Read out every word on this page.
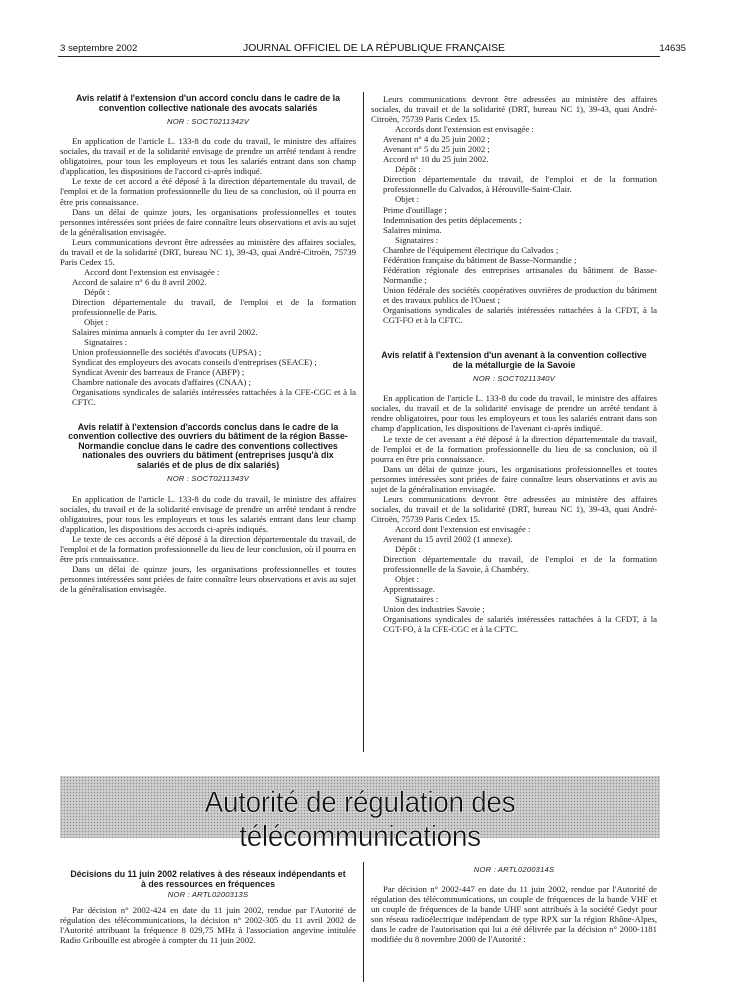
3 septembre 2002	JOURNAL OFFICIEL DE LA RÉPUBLIQUE FRANÇAISE	14635
Avis relatif à l'extension d'un accord conclu dans le cadre de la convention collective nationale des avocats salariés
NOR : SOCT0211342V

En application de l'article L. 133-8 du code du travail, le ministre des affaires sociales, du travail et de la solidarité envisage de prendre un arrêté tendant à rendre obligatoires, pour tous les employeurs et tous les salariés entrant dans son champ d'application, les dispositions de l'accord ci-après indiqué.

Le texte de cet accord a été déposé à la direction départementale du travail, de l'emploi et de la formation professionnelle du lieu de sa conclusion, où il pourra en être pris connaissance.

Dans un délai de quinze jours, les organisations professionnelles et toutes personnes intéressées sont priées de faire connaître leurs observations et avis au sujet de la généralisation envisagée.

Leurs communications devront être adressées au ministère des affaires sociales, du travail et de la solidarité (DRT, bureau NC 1), 39-43, quai André-Citroën, 75739 Paris Cedex 15.

Accord dont l'extension est envisagée :

Accord de salaire n° 6 du 8 avril 2002.

Dépôt :

Direction départementale du travail, de l'emploi et de la formation professionnelle de Paris.

Objet :

Salaires minima annuels à compter du 1er avril 2002.

Signataires :

Union professionnelle des sociétés d'avocats (UPSA) ;

Syndicat des employeurs des avocats conseils d'entreprises (SEACE) ;

Syndicat Avenir des barreaux de France (ABFP) ;

Chambre nationale des avocats d'affaires (CNAA) ;

Organisations syndicales de salariés intéressées rattachées à la CFE-CGC et à la CFTC.

Avis relatif à l'extension d'accords conclus dans le cadre de la convention collective des ouvriers du bâtiment de la région Basse-Normandie conclue dans le cadre des conventions collectives nationales des ouvriers du bâtiment (entreprises jusqu'à dix salariés et de plus de dix salariés)
NOR : SOCT0211343V

En application de l'article L. 133-8 du code du travail, le ministre des affaires sociales, du travail et de la solidarité envisage de prendre un arrêté tendant à rendre obligatoires, pour tous les employeurs et tous les salariés entrant dans leur champ d'application, les dispositions des accords ci-après indiqués.

Le texte de ces accords a été déposé à la direction départementale du travail, de l'emploi et de la formation professionnelle du lieu de leur conclusion, où il pourra en être pris connaissance.

Dans un délai de quinze jours, les organisations professionnelles et toutes personnes intéressées sont priées de faire connaître leurs observations et avis au sujet de la généralisation envisagée.

Leurs communications devront être adressées au ministère des affaires sociales, du travail et de la solidarité (DRT, bureau NC 1), 39-43, quai André-Citroën, 75739 Paris Cedex 15.

Accords dont l'extension est envisagée :

Avenant n° 4 du 25 juin 2002 ;

Avenant n° 5 du 25 juin 2002 ;

Accord n° 10 du 25 juin 2002.

Dépôt :

Direction départementale du travail, de l'emploi et de la formation professionnelle du Calvados, à Hérouville-Saint-Clair.

Objet :

Prime d'outillage ;

Indemnisation des petits déplacements ;

Salaires minima.

Signataires :

Chambre de l'équipement électrique du Calvados ;

Fédération française du bâtiment de Basse-Normandie ;

Fédération régionale des entreprises artisanales du bâtiment de Basse-Normandie ;

Union fédérale des sociétés coopératives ouvrières de production du bâtiment et des travaux publics de l'Ouest ;

Organisations syndicales de salariés intéressées rattachées à la CFDT, à la CGT-FO et à la CFTC.

Avis relatif à l'extension d'un avenant à la convention collective de la métallurgie de la Savoie
NOR : SOCT0211340V

En application de l'article L. 133-8 du code du travail, le ministre des affaires sociales, du travail et de la solidarité envisage de prendre un arrêté tendant à rendre obligatoires, pour tous les employeurs et tous les salariés entrant dans son champ d'application, les dispositions de l'avenant ci-après indiqué.

Le texte de cet avenant a été déposé à la direction départementale du travail, de l'emploi et de la formation professionnelle du lieu de sa conclusion, où il pourra en être pris connaissance.

Dans un délai de quinze jours, les organisations professionnelles et toutes personnes intéressées sont priées de faire connaître leurs observations et avis au sujet de la généralisation envisagée.

Leurs communications devront être adressées au ministère des affaires sociales, du travail et de la solidarité (DRT, bureau NC 1), 39-43, quai André-Citroën, 75739 Paris Cedex 15.

Accord dont l'extension est envisagée :

Avenant du 15 avril 2002 (1 annexe).

Dépôt :

Direction départementale du travail, de l'emploi et de la formation professionnelle de la Savoie, à Chambéry.

Objet :

Apprentissage.

Signataires :

Union des industries Savoie ;

Organisations syndicales de salariés intéressées rattachées à la CFDT, à la CGT-FO, à la CFE-CGC et à la CFTC.

Autorité de régulation des télécommunications
Décisions du 11 juin 2002 relatives à des réseaux indépendants et à des ressources en fréquences
NOR : ARTL0200313S

Par décision n° 2002-424 en date du 11 juin 2002, rendue par l'Autorité de régulation des télécommunications, la décision n° 2002-305 du 11 avril 2002 de l'Autorité attribuant la fréquence 8 029,75 MHz à l'association angevine intitulée Radio Gribouille est abrogée à compter du 11 juin 2002.

NOR : ARTL0200314S

Par décision n° 2002-447 en date du 11 juin 2002, rendue par l'Autorité de régulation des télécommunications, un couple de fréquences de la bande VHF et un couple de fréquences de la bande UHF sont attribués à la société Gedyt pour son réseau radioélectrique indépendant de type RPX sur la région Rhône-Alpes, dans le cadre de l'autorisation qui lui a été délivrée par la décision n° 2000-1181 modifiée du 8 novembre 2000 de l'Autorité :
